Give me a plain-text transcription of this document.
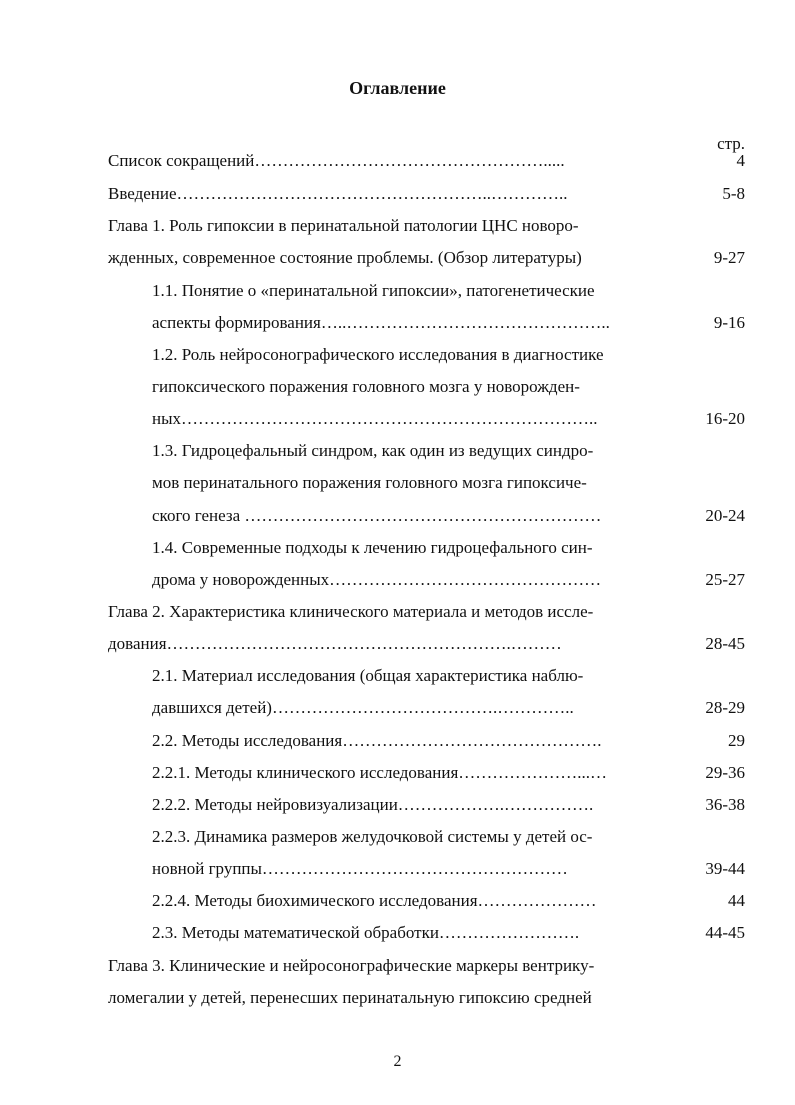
Оглавление
стр.
Список сокращений…………………………………………….....	4
Введение………………………………………………..…………..	5-8
Глава 1. Роль гипоксии в перинатальной патологии ЦНС новоро-
жденных, современное состояние проблемы. (Обзор литературы)	9-27
1.1. Понятие о «перинатальной гипоксии», патогенетические
аспекты формирования…..………………………………………..	9-16
1.2. Роль нейросонографического исследования в диагностике
гипоксического поражения головного мозга у новорожден-
ных………………………………………………………………..	16-20
1.3. Гидроцефальный синдром, как один из ведущих синдро-
мов перинатального поражения головного мозга гипоксиче-
ского генеза ………………………………………………………	20-24
1.4. Современные подходы к лечению гидроцефального син-
дрома у новорожденных…………………………………………	25-27
Глава 2. Характеристика клинического материала и методов иссле-
дования…………………………………………………….………	28-45
2.1. Материал исследования (общая характеристика наблю-
давшихся детей)………………………………….…………..	28-29
2.2. Методы исследования……………………………………….	29
2.2.1. Методы клинического исследования…………………...…	29-36
2.2.2. Методы нейровизуализации……………….…………….	36-38
2.2.3. Динамика размеров желудочковой системы у детей ос-
новной группы………………………………………………	39-44
2.2.4. Методы биохимического исследования…………………	44
2.3. Методы математической обработки…………………….	44-45
Глава 3. Клинические и нейросонографические маркеры вентрику-
ломегалии у детей, перенесших перинатальную гипоксию средней
2
